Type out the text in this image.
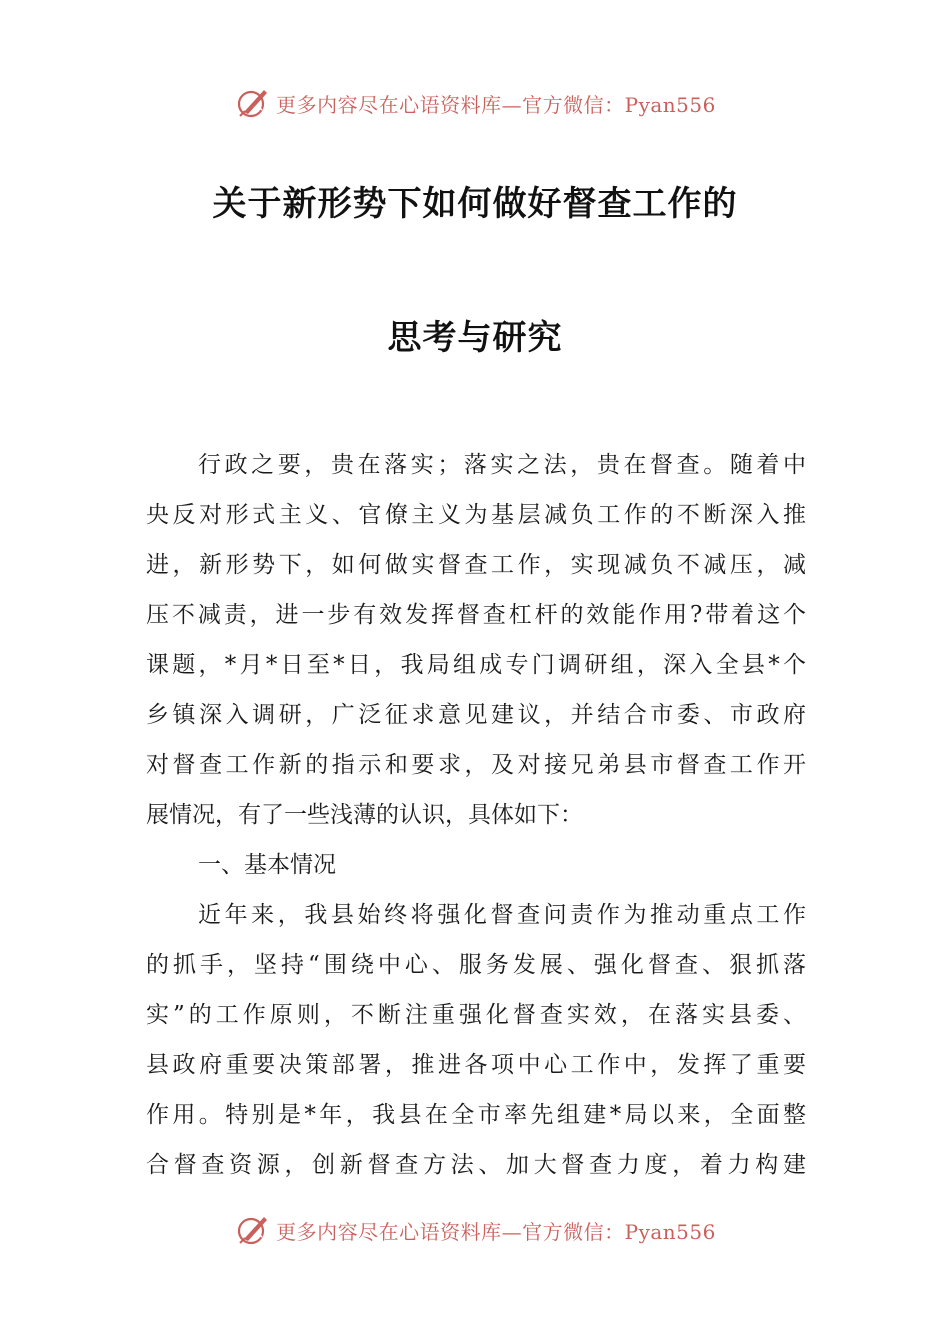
更多内容尽在心语资料库—官方微信：Pyan556
关于新形势下如何做好督查工作的
思考与研究
行政之要，贵在落实；落实之法，贵在督查。随着中
央反对形式主义、官僚主义为基层减负工作的不断深入推
进，新形势下，如何做实督查工作，实现减负不减压，减
压不减责，进一步有效发挥督查杠杆的效能作用?带着这个
课题，*月*日至*日，我局组成专门调研组，深入全县*个
乡镇深入调研，广泛征求意见建议，并结合市委、市政府
对督查工作新的指示和要求，及对接兄弟县市督查工作开
展情况，有了一些浅薄的认识，具体如下：
一、基本情况
近年来，我县始终将强化督查问责作为推动重点工作
的抓手，坚持“围绕中心、服务发展、强化督查、狠抓落
实”的工作原则，不断注重强化督查实效，在落实县委、
县政府重要决策部署，推进各项中心工作中，发挥了重要
作用。特别是*年，我县在全市率先组建*局以来，全面整
合督查资源，创新督查方法、加大督查力度，着力构建
更多内容尽在心语资料库—官方微信：Pyan556
